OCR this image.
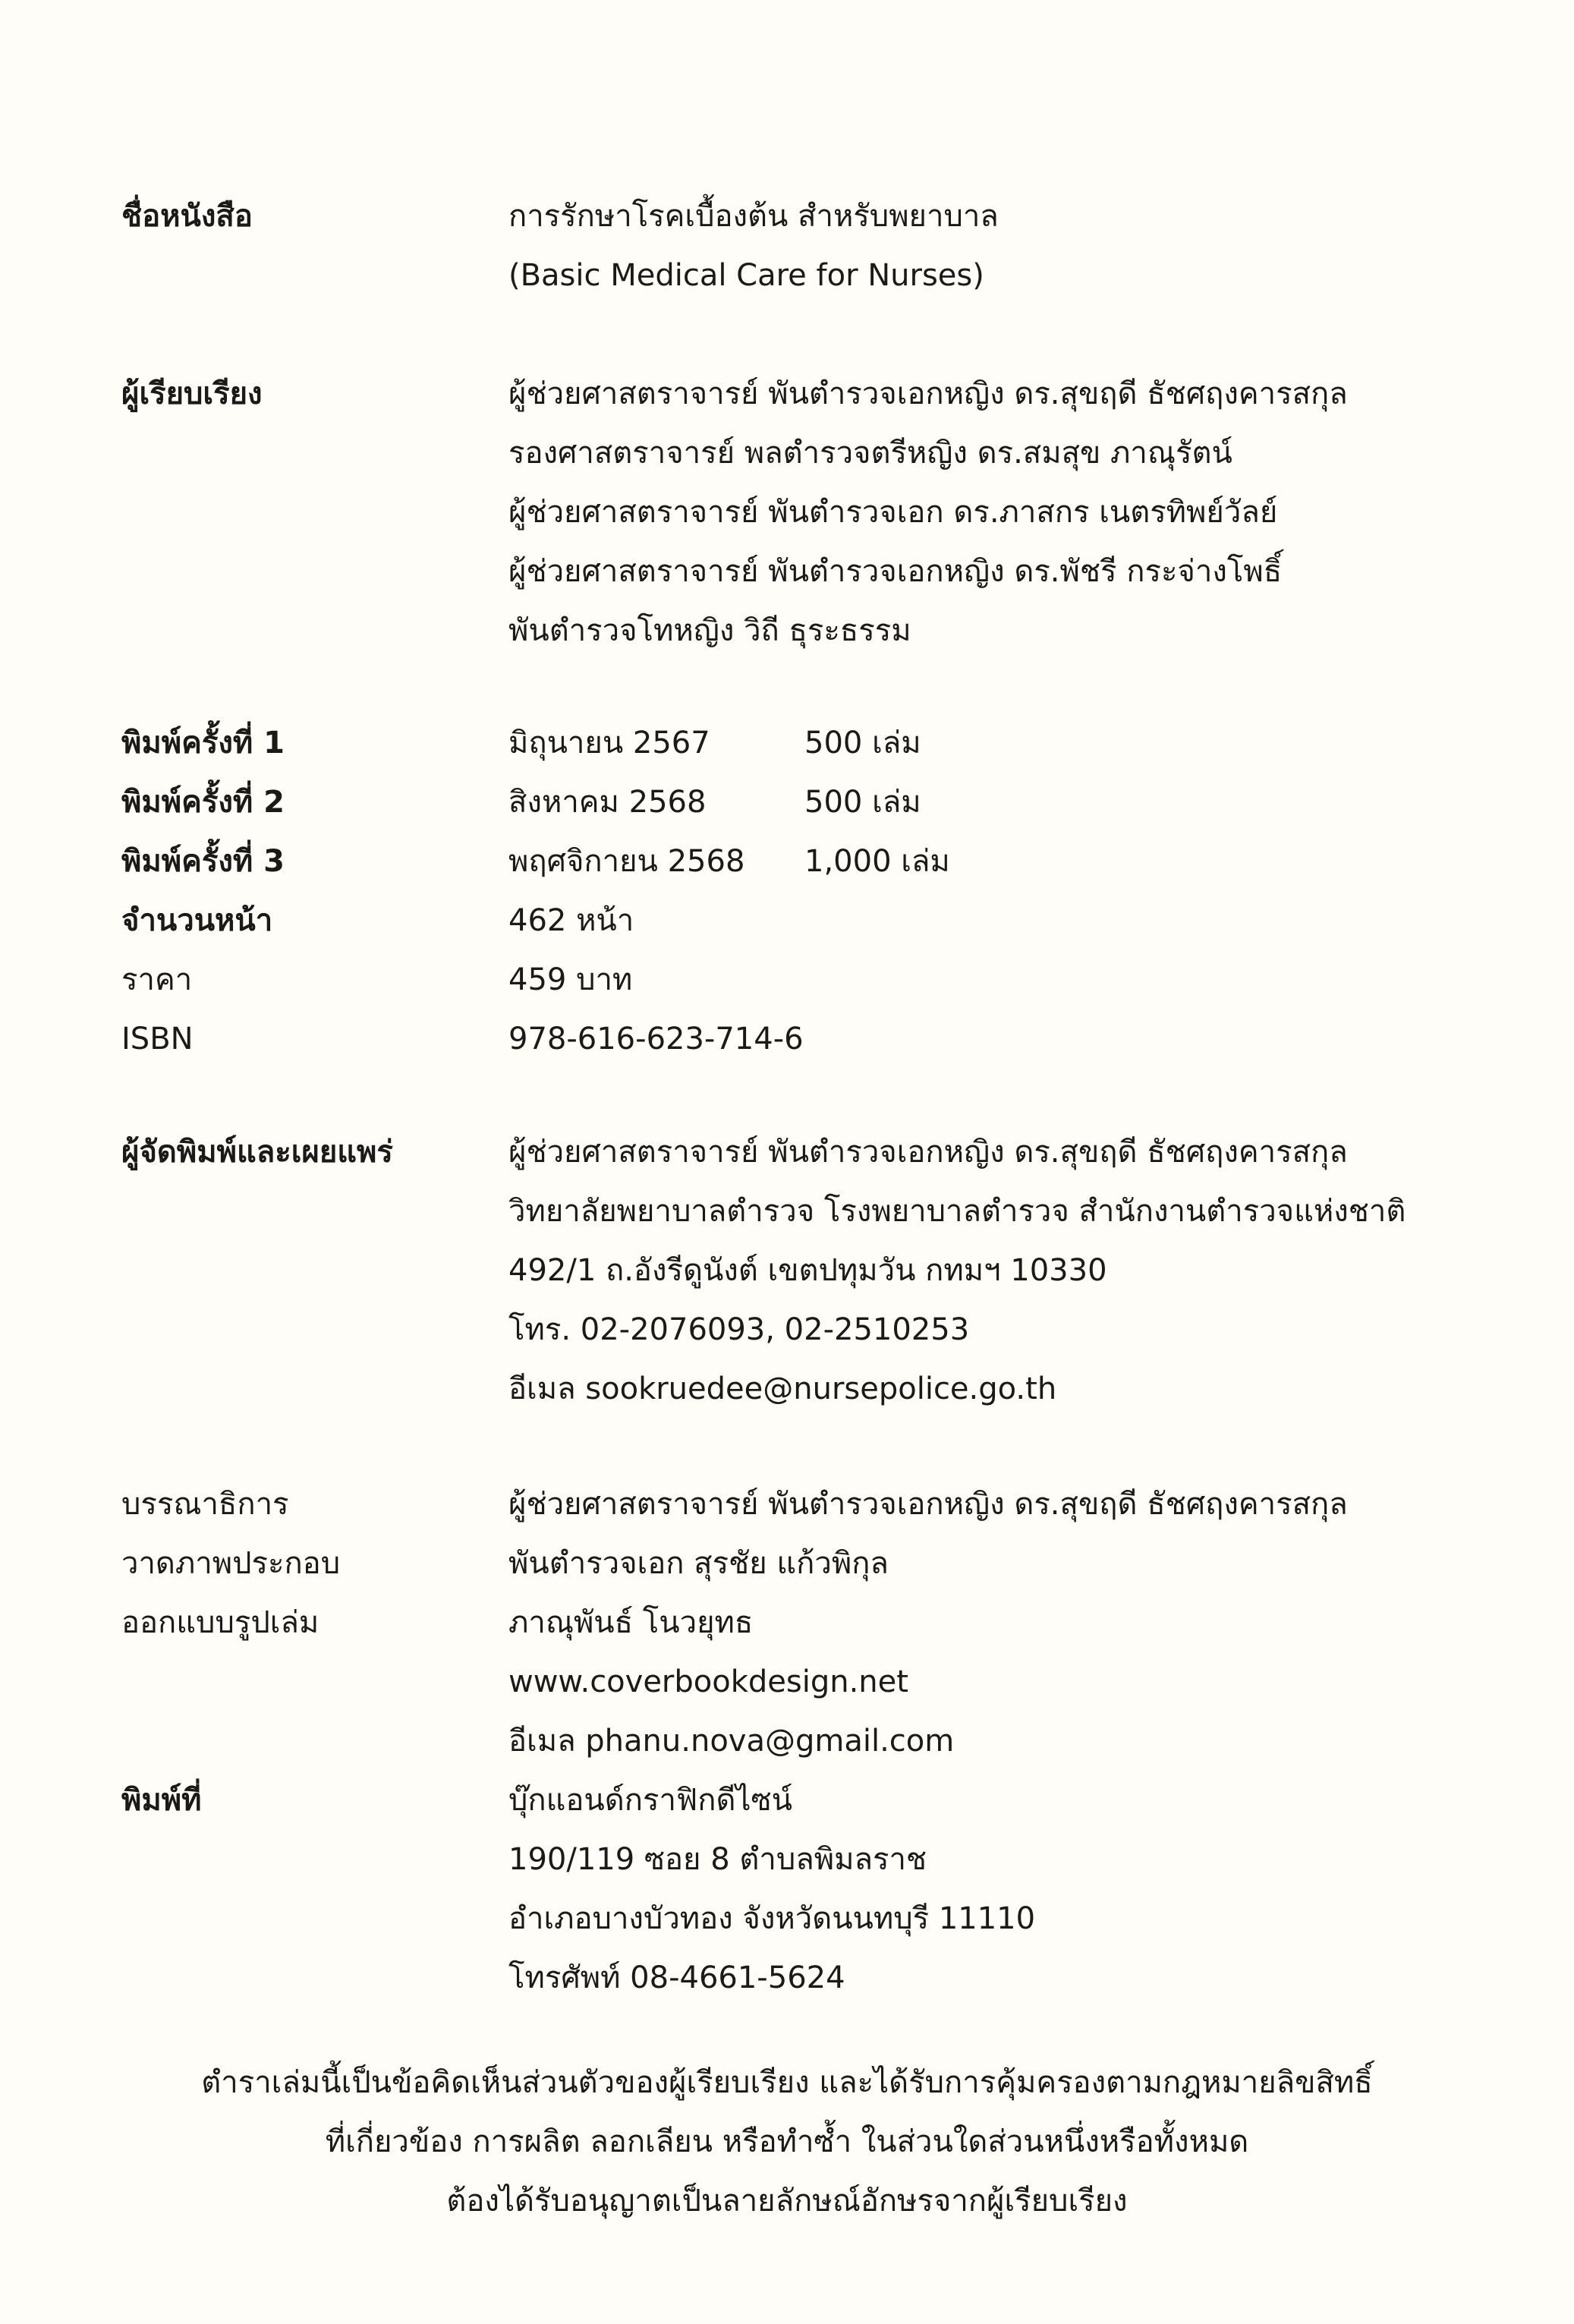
ชื่อหนังสือ	การรักษาโรคเบื้องต้น สำหรับพยาบาล
(Basic Medical Care for Nurses)
ผู้เรียบเรียง	ผู้ช่วยศาสตราจารย์ พันตำรวจเอกหญิง ดร.สุขฤดี ธัชศฤงคารสกุล
รองศาสตราจารย์ พลตำรวจตรีหญิง ดร.สมสุข ภาณุรัตน์
ผู้ช่วยศาสตราจารย์ พันตำรวจเอก ดร.ภาสกร เนตรทิพย์วัลย์
ผู้ช่วยศาสตราจารย์ พันตำรวจเอกหญิง ดร.พัชรี กระจ่างโพธิ์
พันตำรวจโทหญิง วิถี ธุระธรรม
พิมพ์ครั้งที่ 1	มิถุนายน 2567	500 เล่ม
พิมพ์ครั้งที่ 2	สิงหาคม 2568	500 เล่ม
พิมพ์ครั้งที่ 3	พฤศจิกายน 2568 1,000 เล่ม
จำนวนหน้า	462 หน้า
ราคา	459 บาท
ISBN	978-616-623-714-6
ผู้จัดพิมพ์และเผยแพร่	ผู้ช่วยศาสตราจารย์ พันตำรวจเอกหญิง ดร.สุขฤดี ธัชศฤงคารสกุล
วิทยาลัยพยาบาลตำรวจ โรงพยาบาลตำรวจ สำนักงานตำรวจแห่งชาติ
492/1 ถ.อังรีดูนังต์ เขตปทุมวัน กทมฯ 10330
โทร. 02-2076093, 02-2510253
อีเมล sookruedee@nursepolice.go.th
บรรณาธิการ	ผู้ช่วยศาสตราจารย์ พันตำรวจเอกหญิง ดร.สุขฤดี ธัชศฤงคารสกุล
วาดภาพประกอบ	พันตำรวจเอก สุรชัย แก้วพิกุล
ออกแบบรูปเล่ม	ภาณุพันธ์ โนวยุทธ
www.coverbookdesign.net
อีเมล phanu.nova@gmail.com
พิมพ์ที่	บุ๊กแอนด์กราฟิกดีไซน์
190/119 ซอย 8 ตำบลพิมลราช
อำเภอบางบัวทอง จังหวัดนนทบุรี 11110
โทรศัพท์ 08-4661-5624
ตำราเล่มนี้เป็นข้อคิดเห็นส่วนตัวของผู้เรียบเรียง และได้รับการคุ้มครองตามกฎหมายลิขสิทธิ์
ที่เกี่ยวข้อง การผลิต ลอกเลียน หรือทำซ้ำ ในส่วนใดส่วนหนึ่งหรือทั้งหมด
ต้องได้รับอนุญาตเป็นลายลักษณ์อักษรจากผู้เรียบเรียง
